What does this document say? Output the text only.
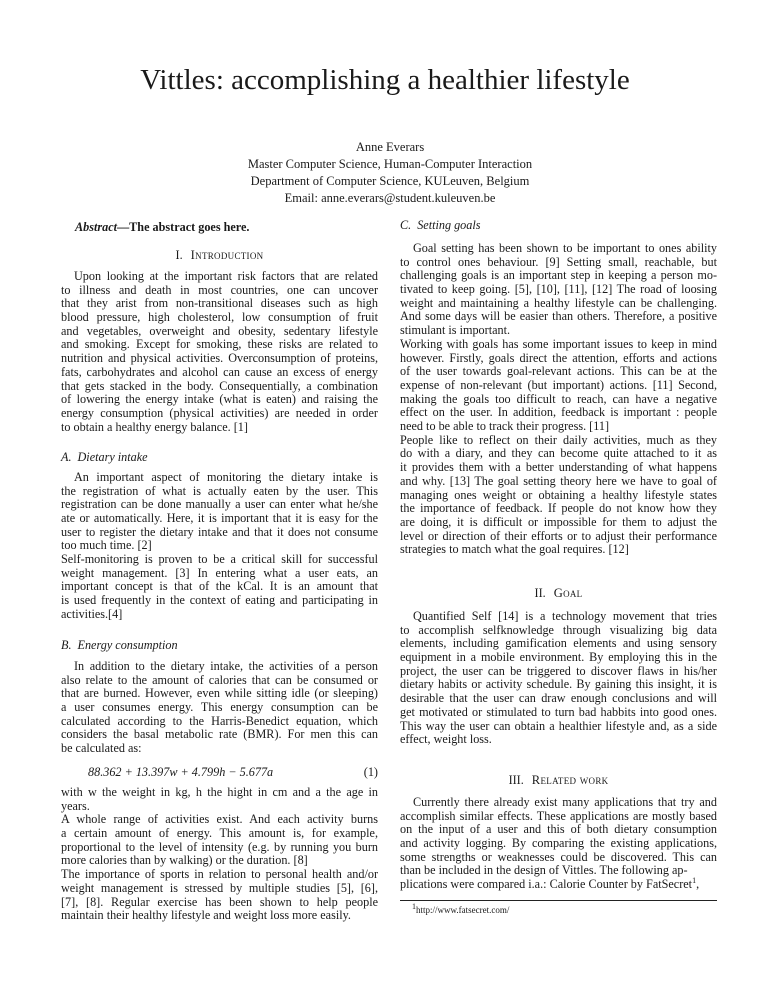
Vittles: accomplishing a healthier lifestyle
Anne Everars
Master Computer Science, Human-Computer Interaction
Department of Computer Science, KULeuven, Belgium
Email: anne.everars@student.kuleuven.be
Abstract—The abstract goes here.
I. Introduction
Upon looking at the important risk factors that are related
to illness and death in most countries, one can uncover
that they arist from non-transitional diseases such as high
blood pressure, high cholesterol, low consumption of fruit
and vegetables, overweight and obesity, sedentary lifestyle
and smoking. Except for smoking, these risks are related to
nutrition and physical activities. Overconsumption of proteins,
fats, carbohydrates and alcohol can cause an excess of energy
that gets stacked in the body. Consequentially, a combination
of lowering the energy intake (what is eaten) and raising the
energy consumption (physical activities) are needed in order
to obtain a healthy energy balance. [1]
A. Dietary intake
An important aspect of monitoring the dietary intake is
the registration of what is actually eaten by the user. This
registration can be done manually a user can enter what he/she
ate or automatically. Here, it is important that it is easy for the
user to register the dietary intake and that it does not consume
too much time. [2]
Self-monitoring is proven to be a critical skill for successful
weight management. [3] In entering what a user eats, an
important concept is that of the kCal. It is an amount that
is used frequently in the context of eating and participating in
activities.[4]
B. Energy consumption
In addition to the dietary intake, the activities of a person
also relate to the amount of calories that can be consumed or
that are burned. However, even while sitting idle (or sleeping)
a user consumes energy. This energy consumption can be
calculated according to the Harris-Benedict equation, which
considers the basal metabolic rate (BMR). For men this can
be calculated as:
88.362 + 13.397w + 4.799h − 5.677a	(1)
with w the weight in kg, h the hight in cm and a the age in
years.
A whole range of activities exist. And each activity burns
a certain amount of energy. This amount is, for example,
proportional to the level of intensity (e.g. by running you burn
more calories than by walking) or the duration. [8]
The importance of sports in relation to personal health and/or
weight management is stressed by multiple studies [5], [6],
[7], [8]. Regular exercise has been shown to help people
maintain their healthy lifestyle and weight loss more easily.
C. Setting goals
Goal setting has been shown to be important to ones ability
to control ones behaviour. [9] Setting small, reachable, but
challenging goals is an important step in keeping a person mo-
tivated to keep going. [5], [10], [11], [12] The road of loosing
weight and maintaining a healthy lifestyle can be challenging.
And some days will be easier than others. Therefore, a positive
stimulant is important.
Working with goals has some important issues to keep in mind
however. Firstly, goals direct the attention, efforts and actions
of the user towards goal-relevant actions. This can be at the
expense of non-relevant (but important) actions. [11] Second,
making the goals too difficult to reach, can have a negative
effect on the user. In addition, feedback is important : people
need to be able to track their progress. [11]
People like to reflect on their daily activities, much as they
do with a diary, and they can become quite attached to it as
it provides them with a better understanding of what happens
and why. [13] The goal setting theory here we have to goal of
managing ones weight or obtaining a healthy lifestyle states
the importance of feedback. If people do not know how they
are doing, it is difficult or impossible for them to adjust the
level or direction of their efforts or to adjust their performance
strategies to match what the goal requires. [12]
II. Goal
Quantified Self [14] is a technology movement that tries
to accomplish selfknowledge through visualizing big data
elements, including gamification elements and using sensory
equipment in a mobile environment. By employing this in the
project, the user can be triggered to discover flaws in his/her
dietary habits or activity schedule. By gaining this insight, it is
desirable that the user can draw enough conclusions and will
get motivated or stimulated to turn bad habbits into good ones.
This way the user can obtain a healthier lifestyle and, as a side
effect, weight loss.
III. Related work
Currently there already exist many applications that try and
accomplish similar effects. These applications are mostly based
on the input of a user and this of both dietary consumption
and activity logging. By comparing the existing applications,
some strengths or weaknesses could be discovered. This can
than be included in the design of Vittles. The following ap-
plications were compared i.a.: Calorie Counter by FatSecret$^1$,
$^1$http://www.fatsecret.com/
